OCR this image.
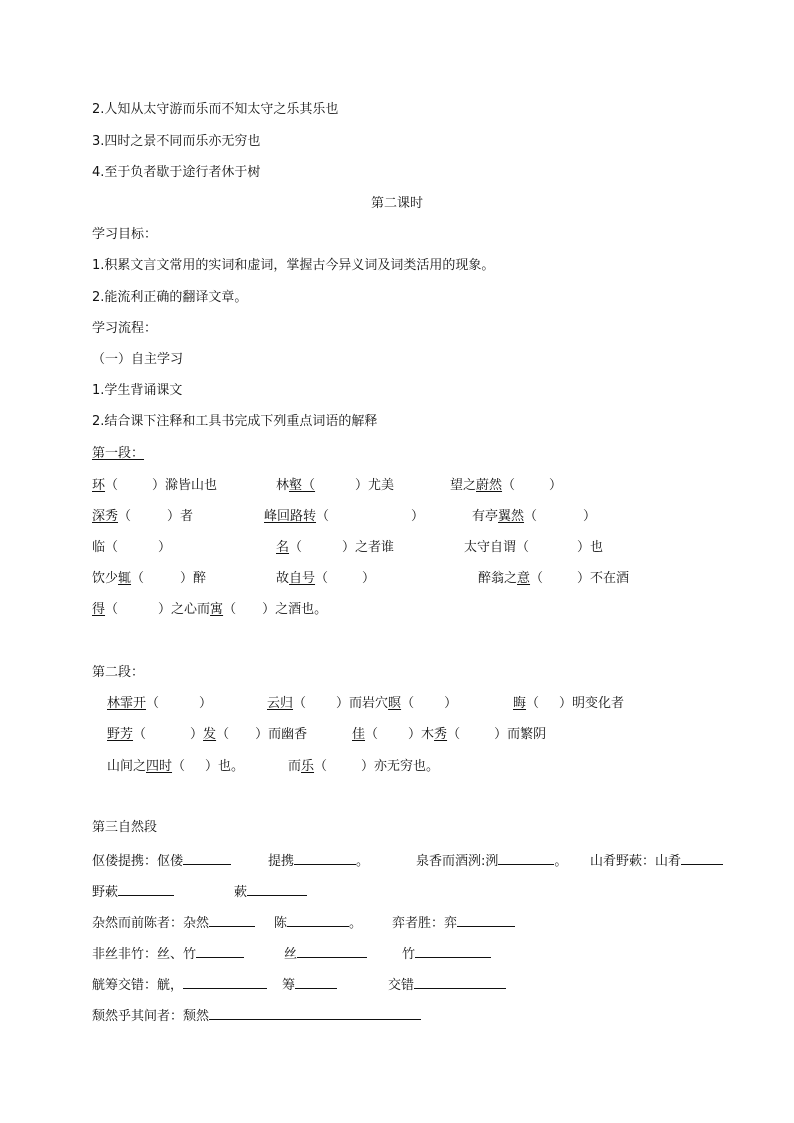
2.人知从太守游而乐而不知太守之乐其乐也
3.四时之景不同而乐亦无穷也
4.至于负者歇于途行者休于树
第二课时
学习目标：
1.积累文言文常用的实词和虚词，掌握古今异义词及词类活用的现象。
2.能流利正确的翻译文章。
学习流程：
（一）自主学习
1.学生背诵课文
2.结合课下注释和工具书完成下列重点词语的解释
第一段：
环（	）滁皆山也	林壑（	）尤美	望之蔚然（	）
深秀（	）者	峰回路转（	）	有亭翼然（	）
临（	）	名（	）之者谁	太守自谓（	）也
饮少辄（	）醉	故自号（	）	醉翁之意（	）不在酒
得（	）之心而寓（ ）之酒也。
第二段：
林霏开（	）	云归（ ）而岩穴暝（ ）	晦（ ）明变化者
野芳（	）发（ ）而幽香	佳（ ）木秀（	）而繁阴
山间之四时（ ）也。	而乐（	）亦无穷也。
第三自然段
伛偻提携：伛偻	提携	。	泉香而酒洌:洌	。 山肴野蔌：山肴
野蔌	蔌
杂然而前陈者：杂然	陈	。 弈者胜：弈
非丝非竹：丝、竹	丝	竹
觥筹交错：觥，	筹	交错
颓然乎其间者：颓然
